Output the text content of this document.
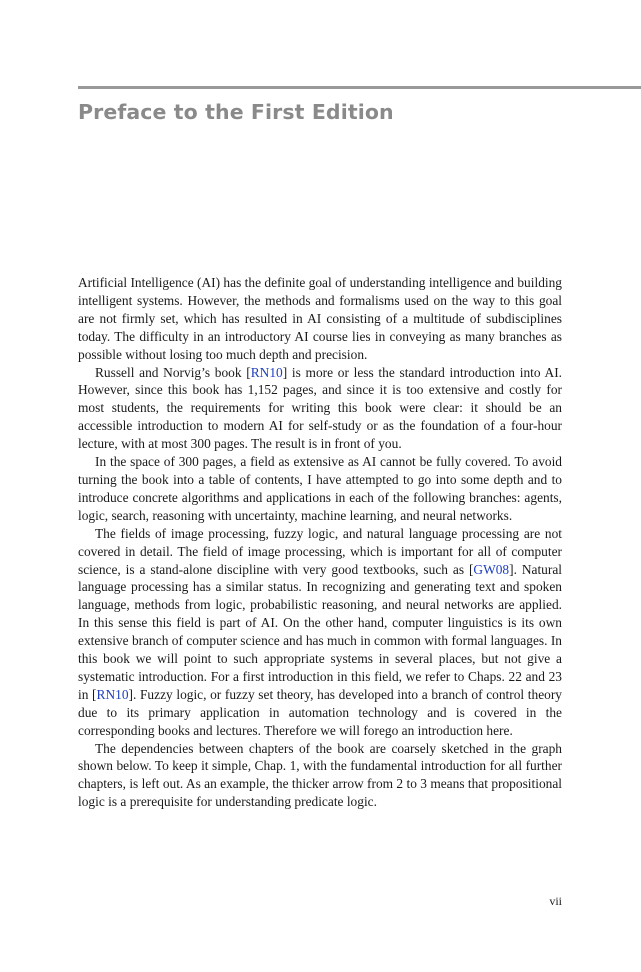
Preface to the First Edition

Artificial Intelligence (AI) has the definite goal of understanding intelligence and building intelligent systems. However, the methods and formalisms used on the way to this goal are not firmly set, which has resulted in AI consisting of a multitude of subdisciplines today. The difficulty in an introductory AI course lies in conveying as many branches as possible without losing too much depth and precision.

Russell and Norvig’s book [RN10] is more or less the standard introduction into AI. However, since this book has 1,152 pages, and since it is too extensive and costly for most students, the requirements for writing this book were clear: it should be an accessible introduction to modern AI for self-study or as the foundation of a four-hour lecture, with at most 300 pages. The result is in front of you.

In the space of 300 pages, a field as extensive as AI cannot be fully covered. To avoid turning the book into a table of contents, I have attempted to go into some depth and to introduce concrete algorithms and applications in each of the following branches: agents, logic, search, reasoning with uncertainty, machine learning, and neural networks.

The fields of image processing, fuzzy logic, and natural language processing are not covered in detail. The field of image processing, which is important for all of computer science, is a stand-alone discipline with very good textbooks, such as [GW08]. Natural language processing has a similar status. In recognizing and generating text and spoken language, methods from logic, probabilistic reasoning, and neural networks are applied. In this sense this field is part of AI. On the other hand, computer linguistics is its own extensive branch of computer science and has much in common with formal languages. In this book we will point to such appropriate systems in several places, but not give a systematic introduction. For a first introduction in this field, we refer to Chaps. 22 and 23 in [RN10]. Fuzzy logic, or fuzzy set theory, has developed into a branch of control theory due to its primary application in automation technology and is covered in the corresponding books and lectures. Therefore we will forego an introduction here.

The dependencies between chapters of the book are coarsely sketched in the graph shown below. To keep it simple, Chap. 1, with the fundamental introduction for all further chapters, is left out. As an example, the thicker arrow from 2 to 3 means that propositional logic is a prerequisite for understanding predicate logic.

vii
